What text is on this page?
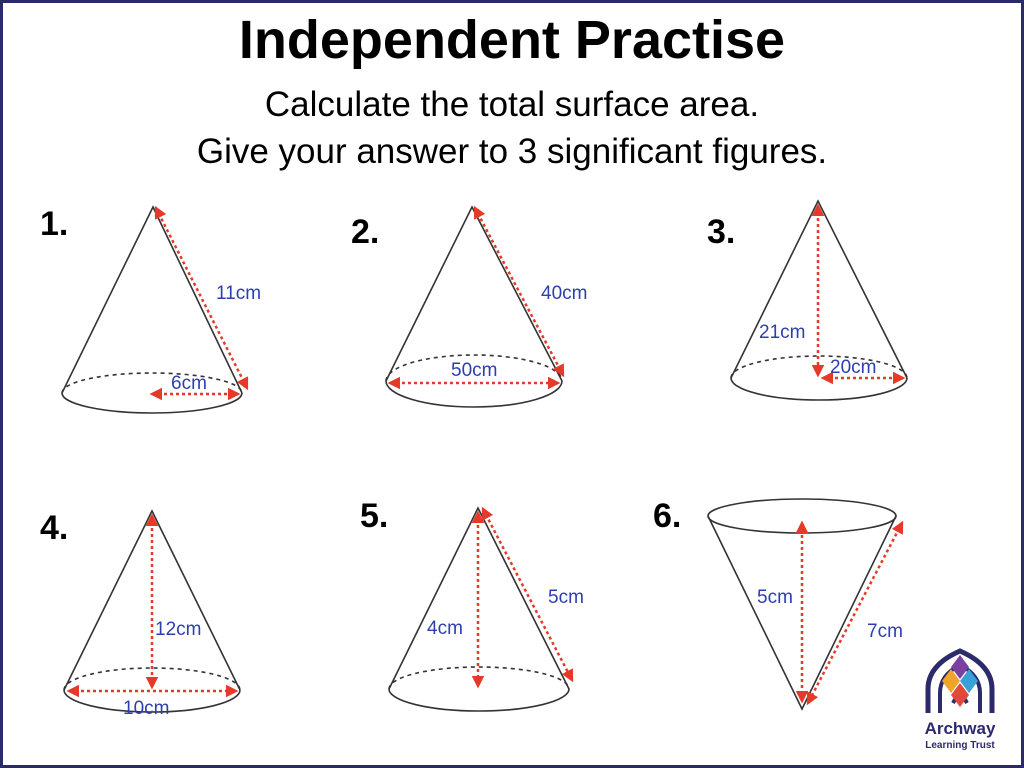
Independent Practise
Calculate the total surface area.
Give your answer to 3 significant figures.
1.	2.	3.
4.	5.	6.
11cm
6cm
40cm
50cm
21cm
20cm
12cm
10cm
5cm
4cm
5cm
7cm
Archway
Learning Trust
